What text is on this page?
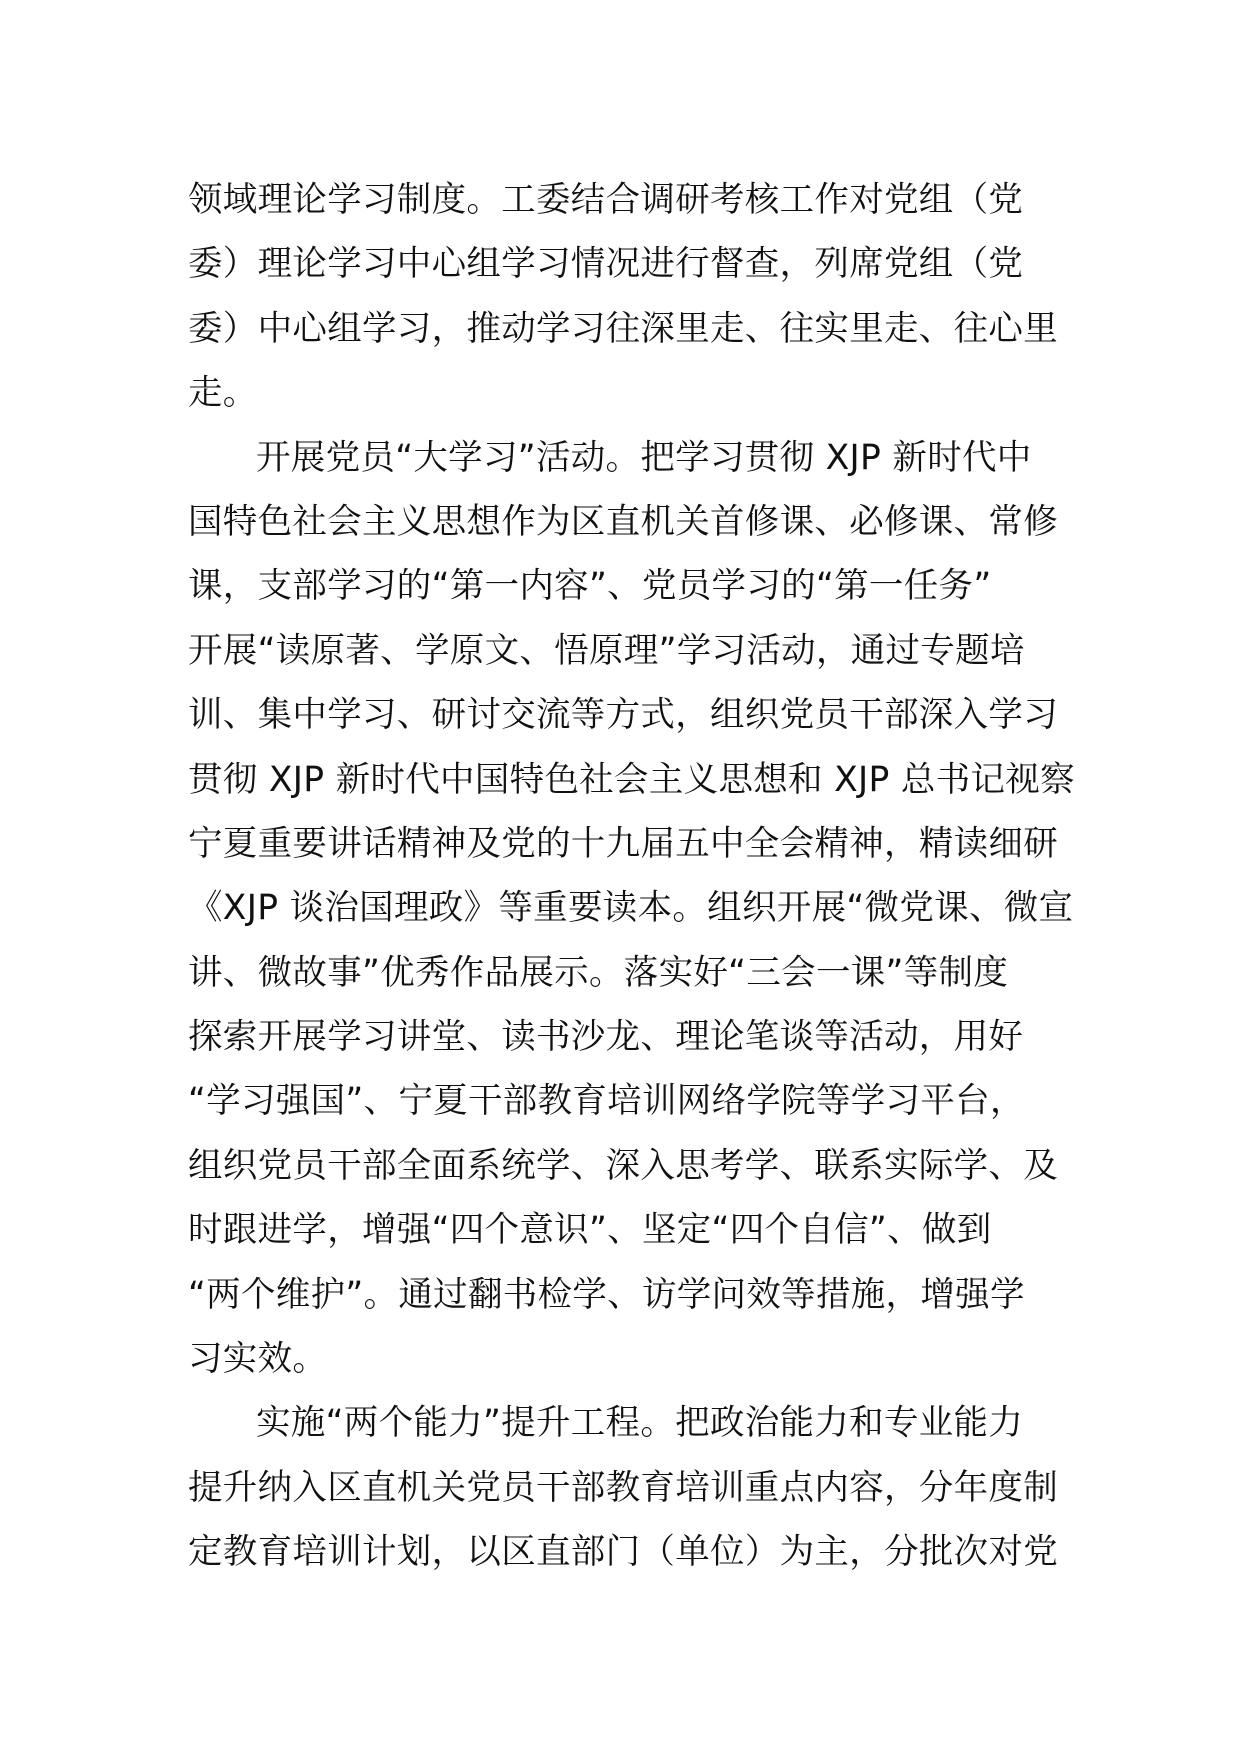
领域理论学习制度。工委结合调研考核工作对党组（党
委）理论学习中心组学习情况进行督查，列席党组（党
委）中心组学习，推动学习往深里走、往实里走、往心里
走。
开展党员“大学习”活动。把学习贯彻 XJP 新时代中
国特色社会主义思想作为区直机关首修课、必修课、常修
课，支部学习的“第一内容”、党员学习的“第一任务”
开展“读原著、学原文、悟原理”学习活动，通过专题培
训、集中学习、研讨交流等方式，组织党员干部深入学习
贯彻 XJP 新时代中国特色社会主义思想和 XJP 总书记视察
宁夏重要讲话精神及党的十九届五中全会精神，精读细研
《XJP 谈治国理政》等重要读本。组织开展“微党课、微宣
讲、微故事”优秀作品展示。落实好“三会一课”等制度
探索开展学习讲堂、读书沙龙、理论笔谈等活动，用好
“学习强国”、宁夏干部教育培训网络学院等学习平台，
组织党员干部全面系统学、深入思考学、联系实际学、及
时跟进学，增强“四个意识”、坚定“四个自信”、做到
“两个维护”。通过翻书检学、访学问效等措施，增强学
习实效。
实施“两个能力”提升工程。把政治能力和专业能力
提升纳入区直机关党员干部教育培训重点内容，分年度制
定教育培训计划，以区直部门（单位）为主，分批次对党
